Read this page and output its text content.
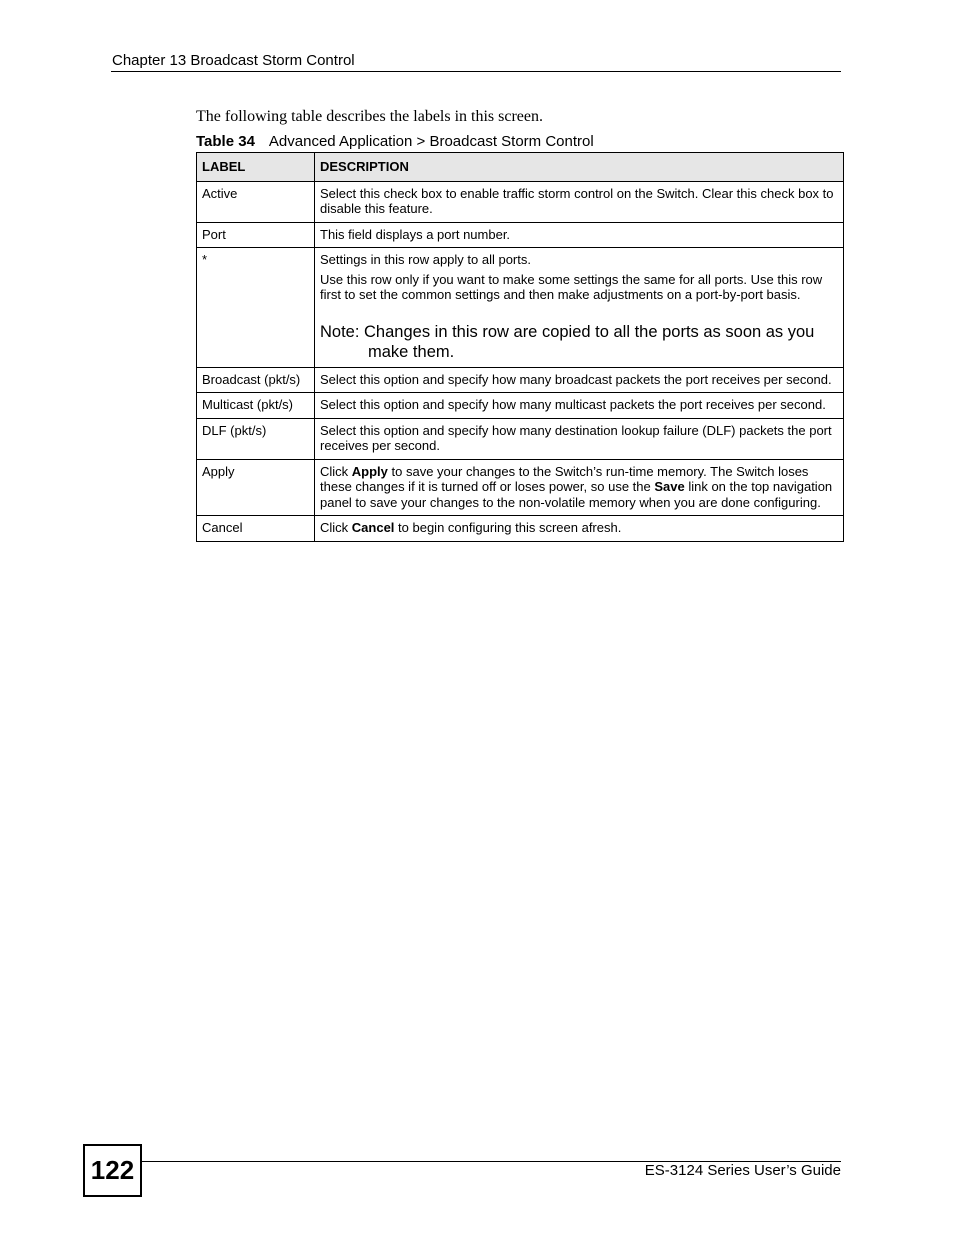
Chapter 13 Broadcast Storm Control
The following table describes the labels in this screen.
Table 34 Advanced Application > Broadcast Storm Control
LABEL	DESCRIPTION
Active	Select this check box to enable traffic storm control on the Switch. Clear this check box to disable this feature.
Port	This field displays a port number.
*	Settings in this row apply to all ports.
Use this row only if you want to make some settings the same for all ports. Use this row first to set the common settings and then make adjustments on a port-by-port basis.
Note: Changes in this row are copied to all the ports as soon as you make them.

Broadcast (pkt/s)	Select this option and specify how many broadcast packets the port receives per second.
Multicast (pkt/s)	Select this option and specify how many multicast packets the port receives per second.
DLF (pkt/s)	Select this option and specify how many destination lookup failure (DLF) packets the port receives per second.
Apply	Click Apply to save your changes to the Switch’s run-time memory. The Switch loses these changes if it is turned off or loses power, so use the Save link on the top navigation panel to save your changes to the non-volatile memory when you are done configuring.
Cancel	Click Cancel to begin configuring this screen afresh.
122	ES-3124 Series User’s Guide
